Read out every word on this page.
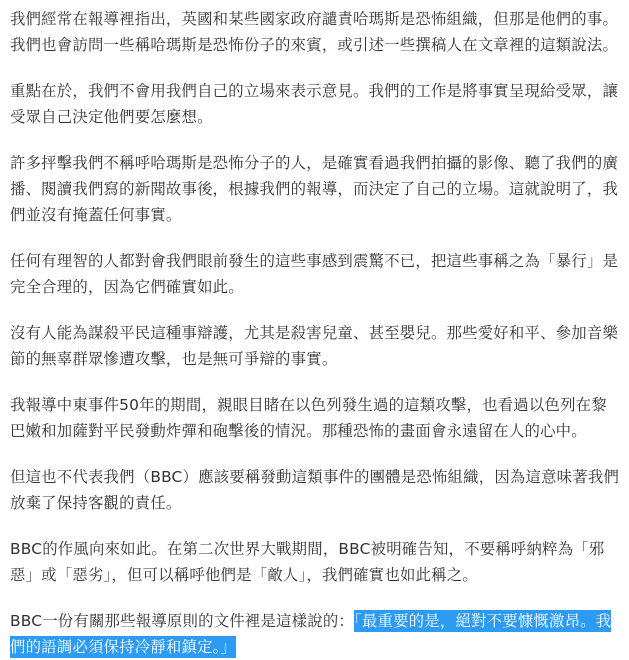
我們經常在報導裡指出，英國和某些國家政府譴責哈瑪斯是恐怖組織，但那是他們的事。我們也會訪問一些稱哈瑪斯是恐怖份子的來賓，或引述一些撰稿人在文章裡的這類說法。

重點在於，我們不會用我們自己的立場來表示意見。我們的工作是將事實呈現給受眾，讓受眾自己決定他們要怎麼想。

許多抨擊我們不稱呼哈瑪斯是恐怖分子的人，是確實看過我們拍攝的影像、聽了我們的廣播、閱讀我們寫的新聞故事後，根據我們的報導，而決定了自己的立場。這就說明了，我們並沒有掩蓋任何事實。

任何有理智的人都對會我們眼前發生的這些事感到震驚不已，把這些事稱之為「暴行」是完全合理的，因為它們確實如此。

沒有人能為謀殺平民這種事辯護，尤其是殺害兒童、甚至嬰兒。那些愛好和平、參加音樂節的無辜群眾慘遭攻擊，也是無可爭辯的事實。

我報導中東事件50年的期間，親眼目睹在以色列發生過的這類攻擊，也看過以色列在黎巴嫩和加薩對平民發動炸彈和砲擊後的情況。那種恐怖的畫面會永遠留在人的心中。

但這也不代表我們（BBC）應該要稱發動這類事件的團體是恐怖組織，因為這意味著我們放棄了保持客觀的責任。

BBC的作風向來如此。在第二次世界大戰期間，BBC被明確告知，不要稱呼納粹為「邪惡」或「惡劣」，但可以稱呼他們是「敵人」，我們確實也如此稱之。

BBC一份有關那些報導原則的文件裡是這樣說的：「最重要的是，絕對不要慷慨激昂。我們的語調必須保持冷靜和鎮定。」
